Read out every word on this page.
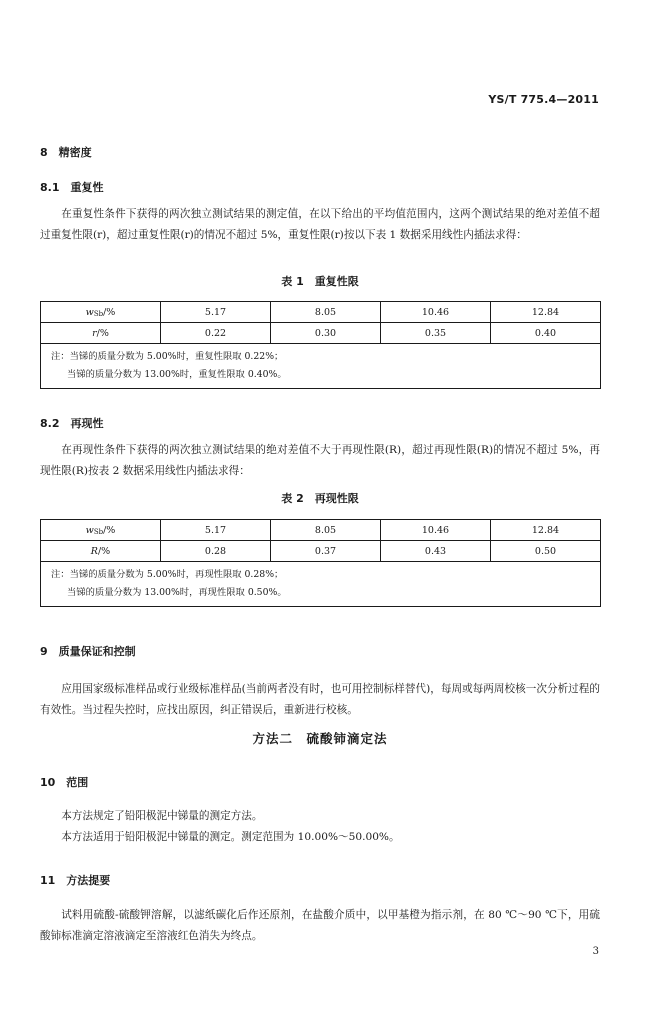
YS/T 775.4—2011
8　精密度
8.1　重复性
在重复性条件下获得的两次独立测试结果的测定值，在以下给出的平均值范围内，这两个测试结果的绝对差值不超过重复性限(r)，超过重复性限(r)的情况不超过 5%，重复性限(r)按以下表 1 数据采用线性内插法求得：
表 1　重复性限
wSb/%	5.17	8.05	10.46	12.84
r/%	0.22	0.30	0.35	0.40

注：当锑的质量分数为 5.00%时，重复性限取 0.22%；
当锑的质量分数为 13.00%时，重复性限取 0.40%。				
8.2　再现性
在再现性条件下获得的两次独立测试结果的绝对差值不大于再现性限(R)，超过再现性限(R)的情况不超过 5%，再现性限(R)按表 2 数据采用线性内插法求得：
表 2　再现性限
wSb/%	5.17	8.05	10.46	12.84
R/%	0.28	0.37	0.43	0.50

注：当锑的质量分数为 5.00%时，再现性限取 0.28%；
当锑的质量分数为 13.00%时，再现性限取 0.50%。				
9　质量保证和控制
应用国家级标准样品或行业级标准样品(当前两者没有时，也可用控制标样替代)，每周或每两周校核一次分析过程的有效性。当过程失控时，应找出原因，纠正错误后，重新进行校核。
方法二　硫酸铈滴定法
10　范围
本方法规定了铅阳极泥中锑量的测定方法。
本方法适用于铅阳极泥中锑量的测定。测定范围为 10.00%～50.00%。
11　方法提要
试料用硫酸-硫酸钾溶解，以滤纸碳化后作还原剂，在盐酸介质中，以甲基橙为指示剂，在 80 ℃～90 ℃下，用硫酸铈标准滴定溶液滴定至溶液红色消失为终点。
3
